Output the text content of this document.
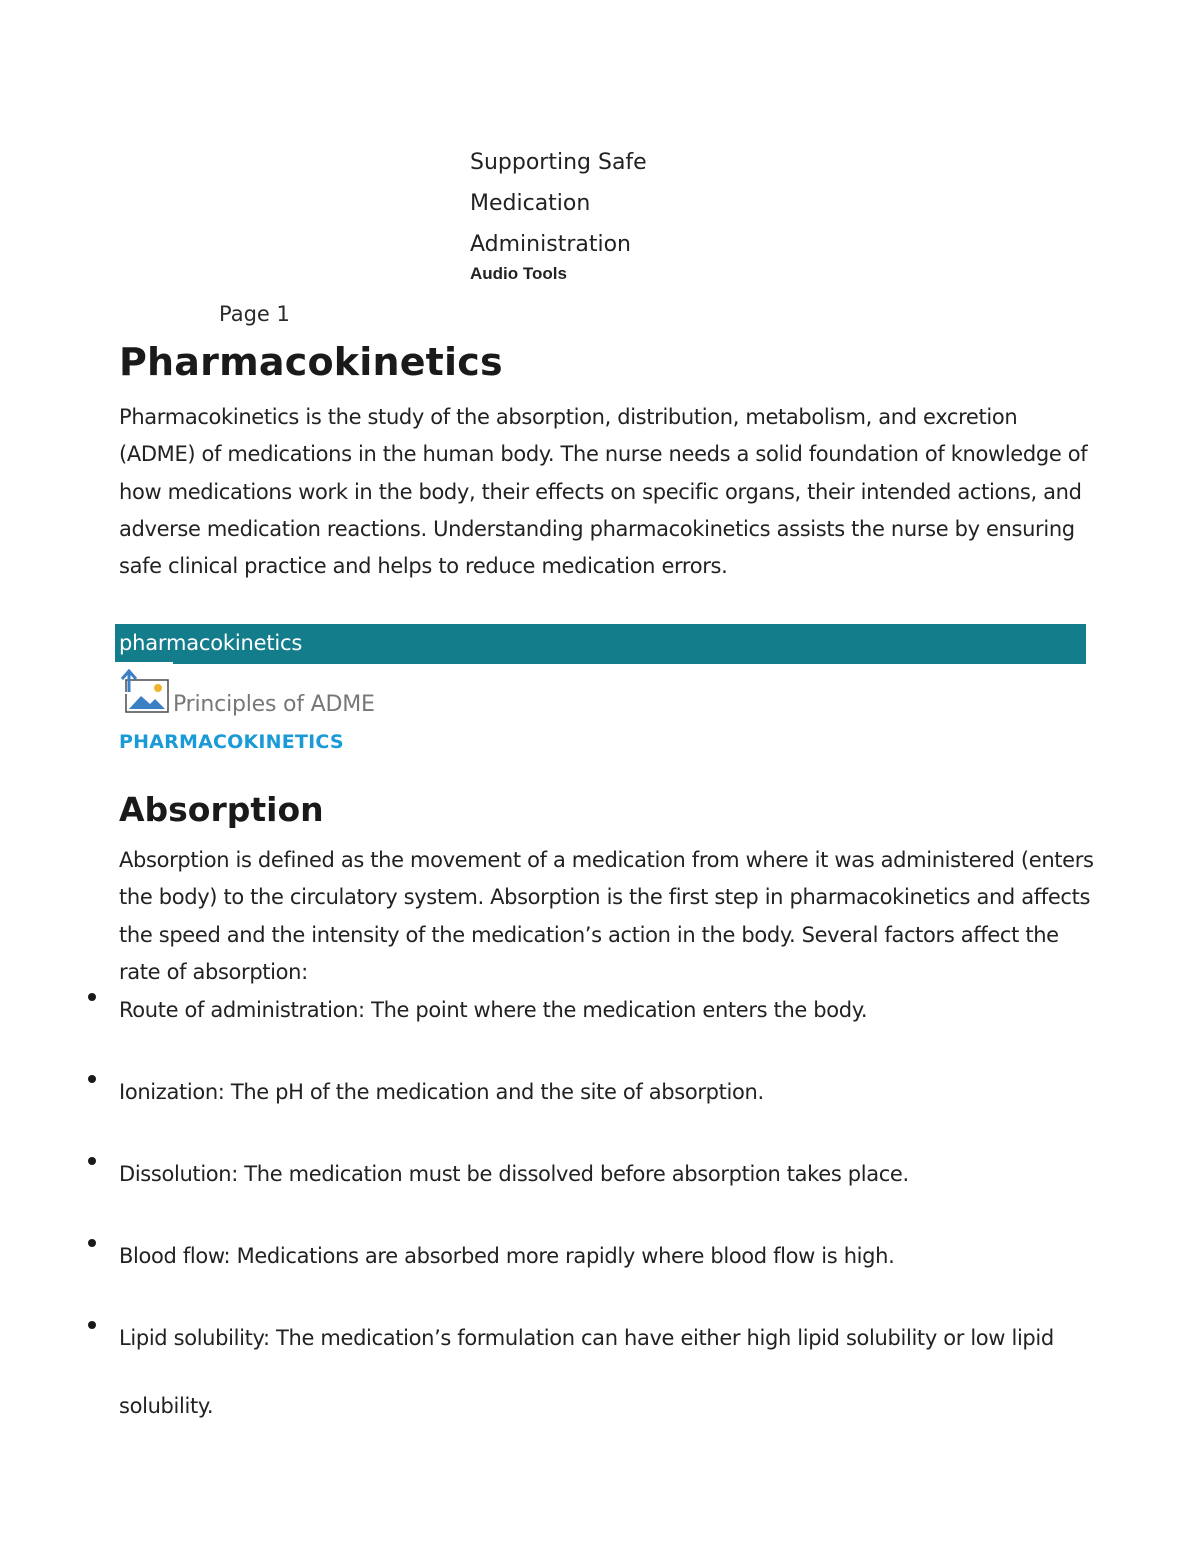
Supporting Safe
Medication
Administration
Audio Tools
Page 1
Pharmacokinetics

Pharmacokinetics is the study of the absorption, distribution, metabolism, and excretion (ADME) of medications in the human body. The nurse needs a solid foundation of knowledge of how medications work in the body, their effects on specific organs, their intended actions, and adverse medication reactions. Understanding pharmacokinetics assists the nurse by ensuring safe clinical practice and helps to reduce medication errors.

pharmacokinetics
Principles of ADME
PHARMACOKINETICS
Absorption

Absorption is defined as the movement of a medication from where it was administered (enters the body) to the circulatory system. Absorption is the first step in pharmacokinetics and affects the speed and the intensity of the medication’s action in the body. Several factors affect the rate of absorption:

Route of administration: The point where the medication enters the body.
Ionization: The pH of the medication and the site of absorption.
Dissolution: The medication must be dissolved before absorption takes place.
Blood flow: Medications are absorbed more rapidly where blood flow is high.
Lipid solubility: The medication’s formulation can have either high lipid solubility or low lipid solubility.
